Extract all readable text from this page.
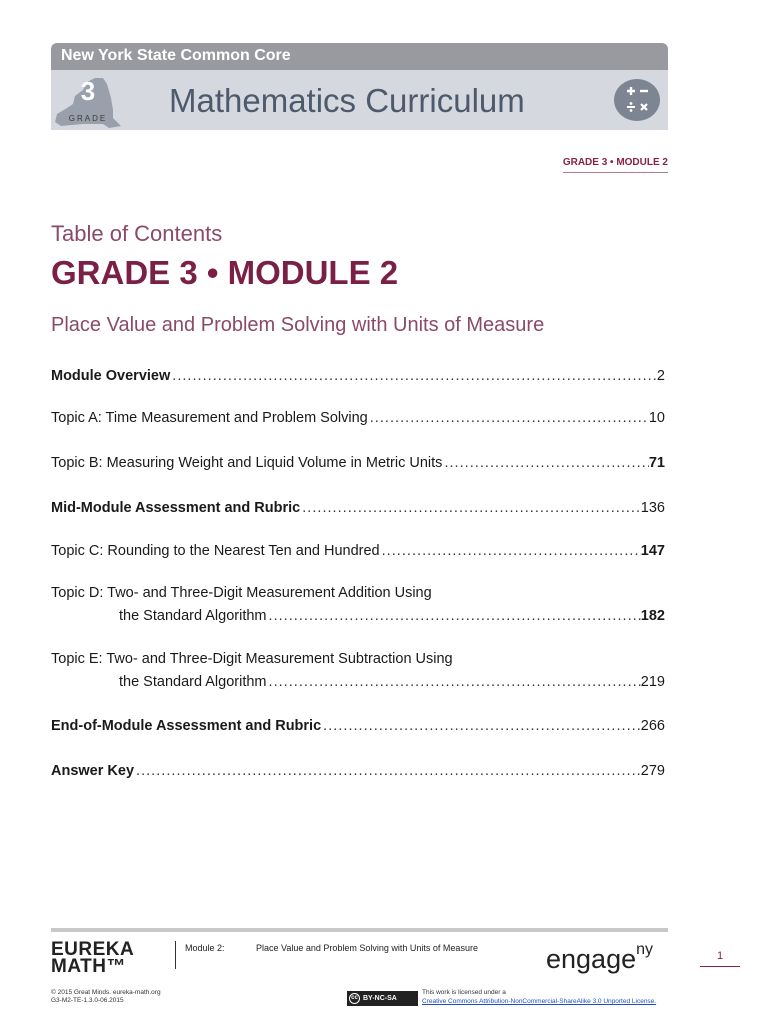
New York State Common Core
3
GRADE Mathematics Curriculum
GRADE 3 • MODULE 2
Table of Contents
GRADE 3 • MODULE 2
Place Value and Problem Solving with Units of Measure
Module Overview . . .	2
Topic A: Time Measurement and Problem Solving . . .	10
Topic B: Measuring Weight and Liquid Volume in Metric Units . . .	71
Mid-Module Assessment and Rubric . . .	136
Topic C: Rounding to the Nearest Ten and Hundred . . .	147
Topic D: Two- and Three-Digit Measurement Addition Using
the Standard Algorithm . . .	182
Topic E: Two- and Three-Digit Measurement Subtraction Using
the Standard Algorithm . . .	219
End-of-Module Assessment and Rubric . . .	266
Answer Key . . .	279
EUREKA
MATH™
Module 2:	Place Value and Problem Solving with Units of Measure	engage$^{ny}$	1
© 2015 Great Minds. eureka-math.org
G3-M2-TE-1.3.0-06.2015	cc BY-NC-SA
This work is licensed under a
Creative Commons Attribution-NonCommercial-ShareAlike 3.0 Unported License.
